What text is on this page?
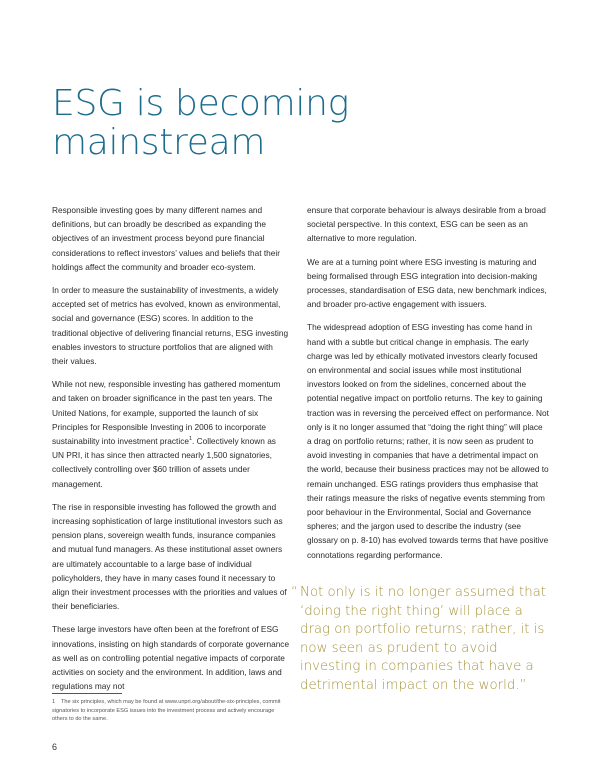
ESG is becoming mainstream

Responsible investing goes by many different names and definitions, but can broadly be described as expanding the objectives of an investment process beyond pure financial considerations to reflect investors’ values and beliefs that their holdings affect the community and broader eco-system.

In order to measure the sustainability of investments, a widely accepted set of metrics has evolved, known as environmental, social and governance (ESG) scores. In addition to the traditional objective of delivering financial returns, ESG investing enables investors to structure portfolios that are aligned with their values.

While not new, responsible investing has gathered momentum and taken on broader significance in the past ten years. The United Nations, for example, supported the launch of six Principles for Responsible Investing in 2006 to incorporate sustainability into investment practice$^1$. Collectively known as UN PRI, it has since then attracted nearly 1,500 signatories, collectively controlling over $60 trillion of assets under management.

The rise in responsible investing has followed the growth and increasing sophistication of large institutional investors such as pension plans, sovereign wealth funds, insurance companies and mutual fund managers. As these institutional asset owners are ultimately accountable to a large base of individual policyholders, they have in many cases found it necessary to align their investment processes with the priorities and values of their beneficiaries.

These large investors have often been at the forefront of ESG innovations, insisting on high standards of corporate governance as well as on controlling potential negative impacts of corporate activities on society and the environment. In addition, laws and regulations may not

ensure that corporate behaviour is always desirable from a broad societal perspective. In this context, ESG can be seen as an alternative to more regulation.

We are at a turning point where ESG investing is maturing and being formalised through ESG integration into decision-making processes, standardisation of ESG data, new benchmark indices, and broader pro-active engagement with issuers.

The widespread adoption of ESG investing has come hand in hand with a subtle but critical change in emphasis. The early charge was led by ethically motivated investors clearly focused on environmental and social issues while most institutional investors looked on from the sidelines, concerned about the potential negative impact on portfolio returns. The key to gaining traction was in reversing the perceived effect on performance. Not only is it no longer assumed that “doing the right thing” will place a drag on portfolio returns; rather, it is now seen as prudent to avoid investing in companies that have a detrimental impact on the world, because their business practices may not be allowed to remain unchanged. ESG ratings providers thus emphasise that their ratings measure the risks of negative events stemming from poor behaviour in the Environmental, Social and Governance spheres; and the jargon used to describe the industry (see glossary on p. 8-10) has evolved towards terms that have positive connotations regarding performance.

“ Not only is it no longer assumed that ‘doing the right thing’ will place a drag on portfolio returns; rather, it is now seen as prudent to avoid investing in companies that have a detrimental impact on the world.”
1 The six principles, which may be found at www.unpri.org/about/the-six-principles, commit signatories to incorporate ESG issues into the investment process and actively encourage others to do the same.
6
